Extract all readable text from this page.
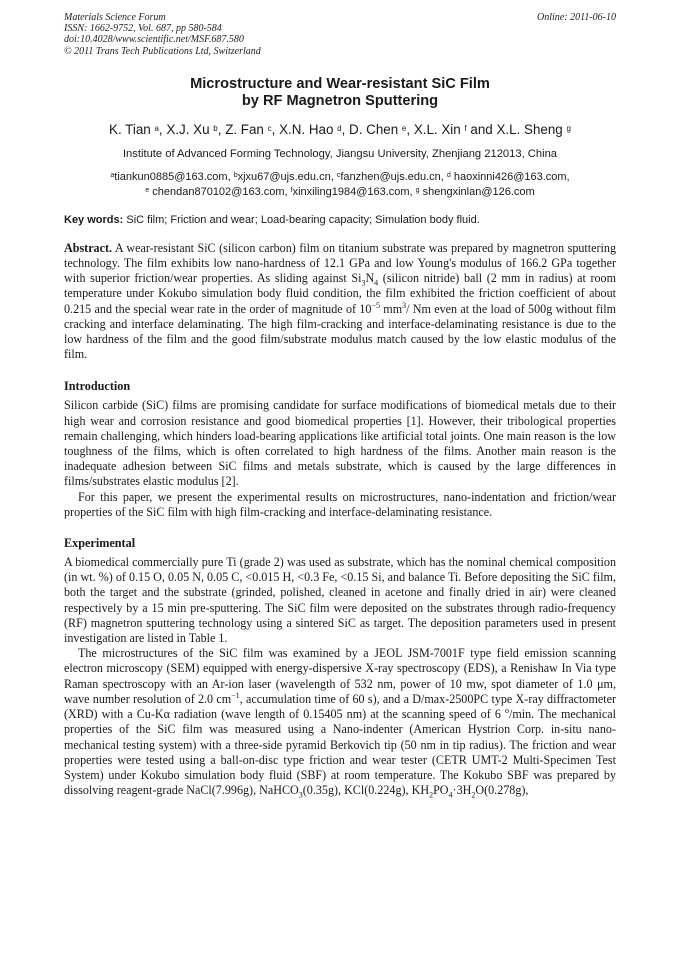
Materials Science Forum
ISSN: 1662-9752, Vol. 687, pp 580-584
doi:10.4028/www.scientific.net/MSF.687.580
© 2011 Trans Tech Publications Ltd, Switzerland
Online: 2011-06-10
Microstructure and Wear-resistant SiC Film
by RF Magnetron Sputtering
K. Tian $^a$, X.J. Xu $^b$, Z. Fan $^c$, X.N. Hao $^d$, D. Chen $^e$, X.L. Xin $^f$ and X.L. Sheng $^g$
Institute of Advanced Forming Technology, Jiangsu University, Zhenjiang 212013, China
$^a$tiankun0885@163.com, $^b$xjxu67@ujs.edu.cn, $^c$fanzhen@ujs.edu.cn, $^d$ haoxinni426@163.com,
$^e$ chendan870102@163.com, $^f$xinxiling1984@163.com, $^g$ shengxinlan@126.com
Key words: SiC film; Friction and wear; Load-bearing capacity; Simulation body fluid.
Abstract. A wear-resistant SiC (silicon carbon) film on titanium substrate was prepared by magnetron sputtering technology. The film exhibits low nano-hardness of 12.1 GPa and low Young's modulus of 166.2 GPa together with superior friction/wear properties. As sliding against $Si_3N_4$ (silicon nitride) ball (2 mm in radius) at room temperature under Kokubo simulation body fluid condition, the film exhibited the friction coefficient of about 0.215 and the special wear rate in the order of magnitude of $10^{-5}$ $mm^3/$ Nm even at the load of 500g without film cracking and interface delaminating. The high film-cracking and interface-delaminating resistance is due to the low hardness of the film and the good film/substrate modulus match caused by the low elastic modulus of the film.
Introduction
Silicon carbide (SiC) films are promising candidate for surface modifications of biomedical metals due to their high wear and corrosion resistance and good biomedical properties [1]. However, their tribological properties remain challenging, which hinders load-bearing applications like artificial total joints. One main reason is the low toughness of the films, which is often correlated to high hardness of the films. Another main reason is the inadequate adhesion between SiC films and metals substrate, which is caused by the large differences in films/substrates elastic modulus [2].
For this paper, we present the experimental results on microstructures, nano-indentation and friction/wear properties of the SiC film with high film-cracking and interface-delaminating resistance.
Experimental
A biomedical commercially pure Ti (grade 2) was used as substrate, which has the nominal chemical composition (in wt. %) of 0.15 O, 0.05 N, 0.05 C, <0.015 H, <0.3 Fe, <0.15 Si, and balance Ti. Before depositing the SiC film, both the target and the substrate (grinded, polished, cleaned in acetone and finally dried in air) were cleaned respectively by a 15 min pre-sputtering. The SiC film were deposited on the substrates through radio-frequency (RF) magnetron sputtering technology using a sintered SiC as target. The deposition parameters used in present investigation are listed in Table 1.
The microstructures of the SiC film was examined by a JEOL JSM-7001F type field emission scanning electron microscopy (SEM) equipped with energy-dispersive X-ray spectroscopy (EDS), a Renishaw In Via type Raman spectroscopy with an Ar-ion laser (wavelength of 532 nm, power of 10 mw, spot diameter of 1.0 μm, wave number resolution of 2.0 $cm^{-1}$, accumulation time of 60 s), and a D/max-2500PC type X-ray diffractometer (XRD) with a Cu-Kα radiation (wave length of 0.15405 nm) at the scanning speed of 6 $^o$/min. The mechanical properties of the SiC film was measured using a Nano-indenter (American Hystrion Corp. in-situ nano-mechanical testing system) with a three-side pyramid Berkovich tip (50 nm in tip radius). The friction and wear properties were tested using a ball-on-disc type friction and wear tester (CETR UMT-2 Multi-Specimen Test System) under Kokubo simulation body fluid (SBF) at room temperature. The Kokubo SBF was prepared by dissolving reagent-grade NaCl(7.996g), NaHCO$_3$(0.35g), KCl(0.224g), $KH_2PO_4\cdot 3H_2O(0.278g)$,
